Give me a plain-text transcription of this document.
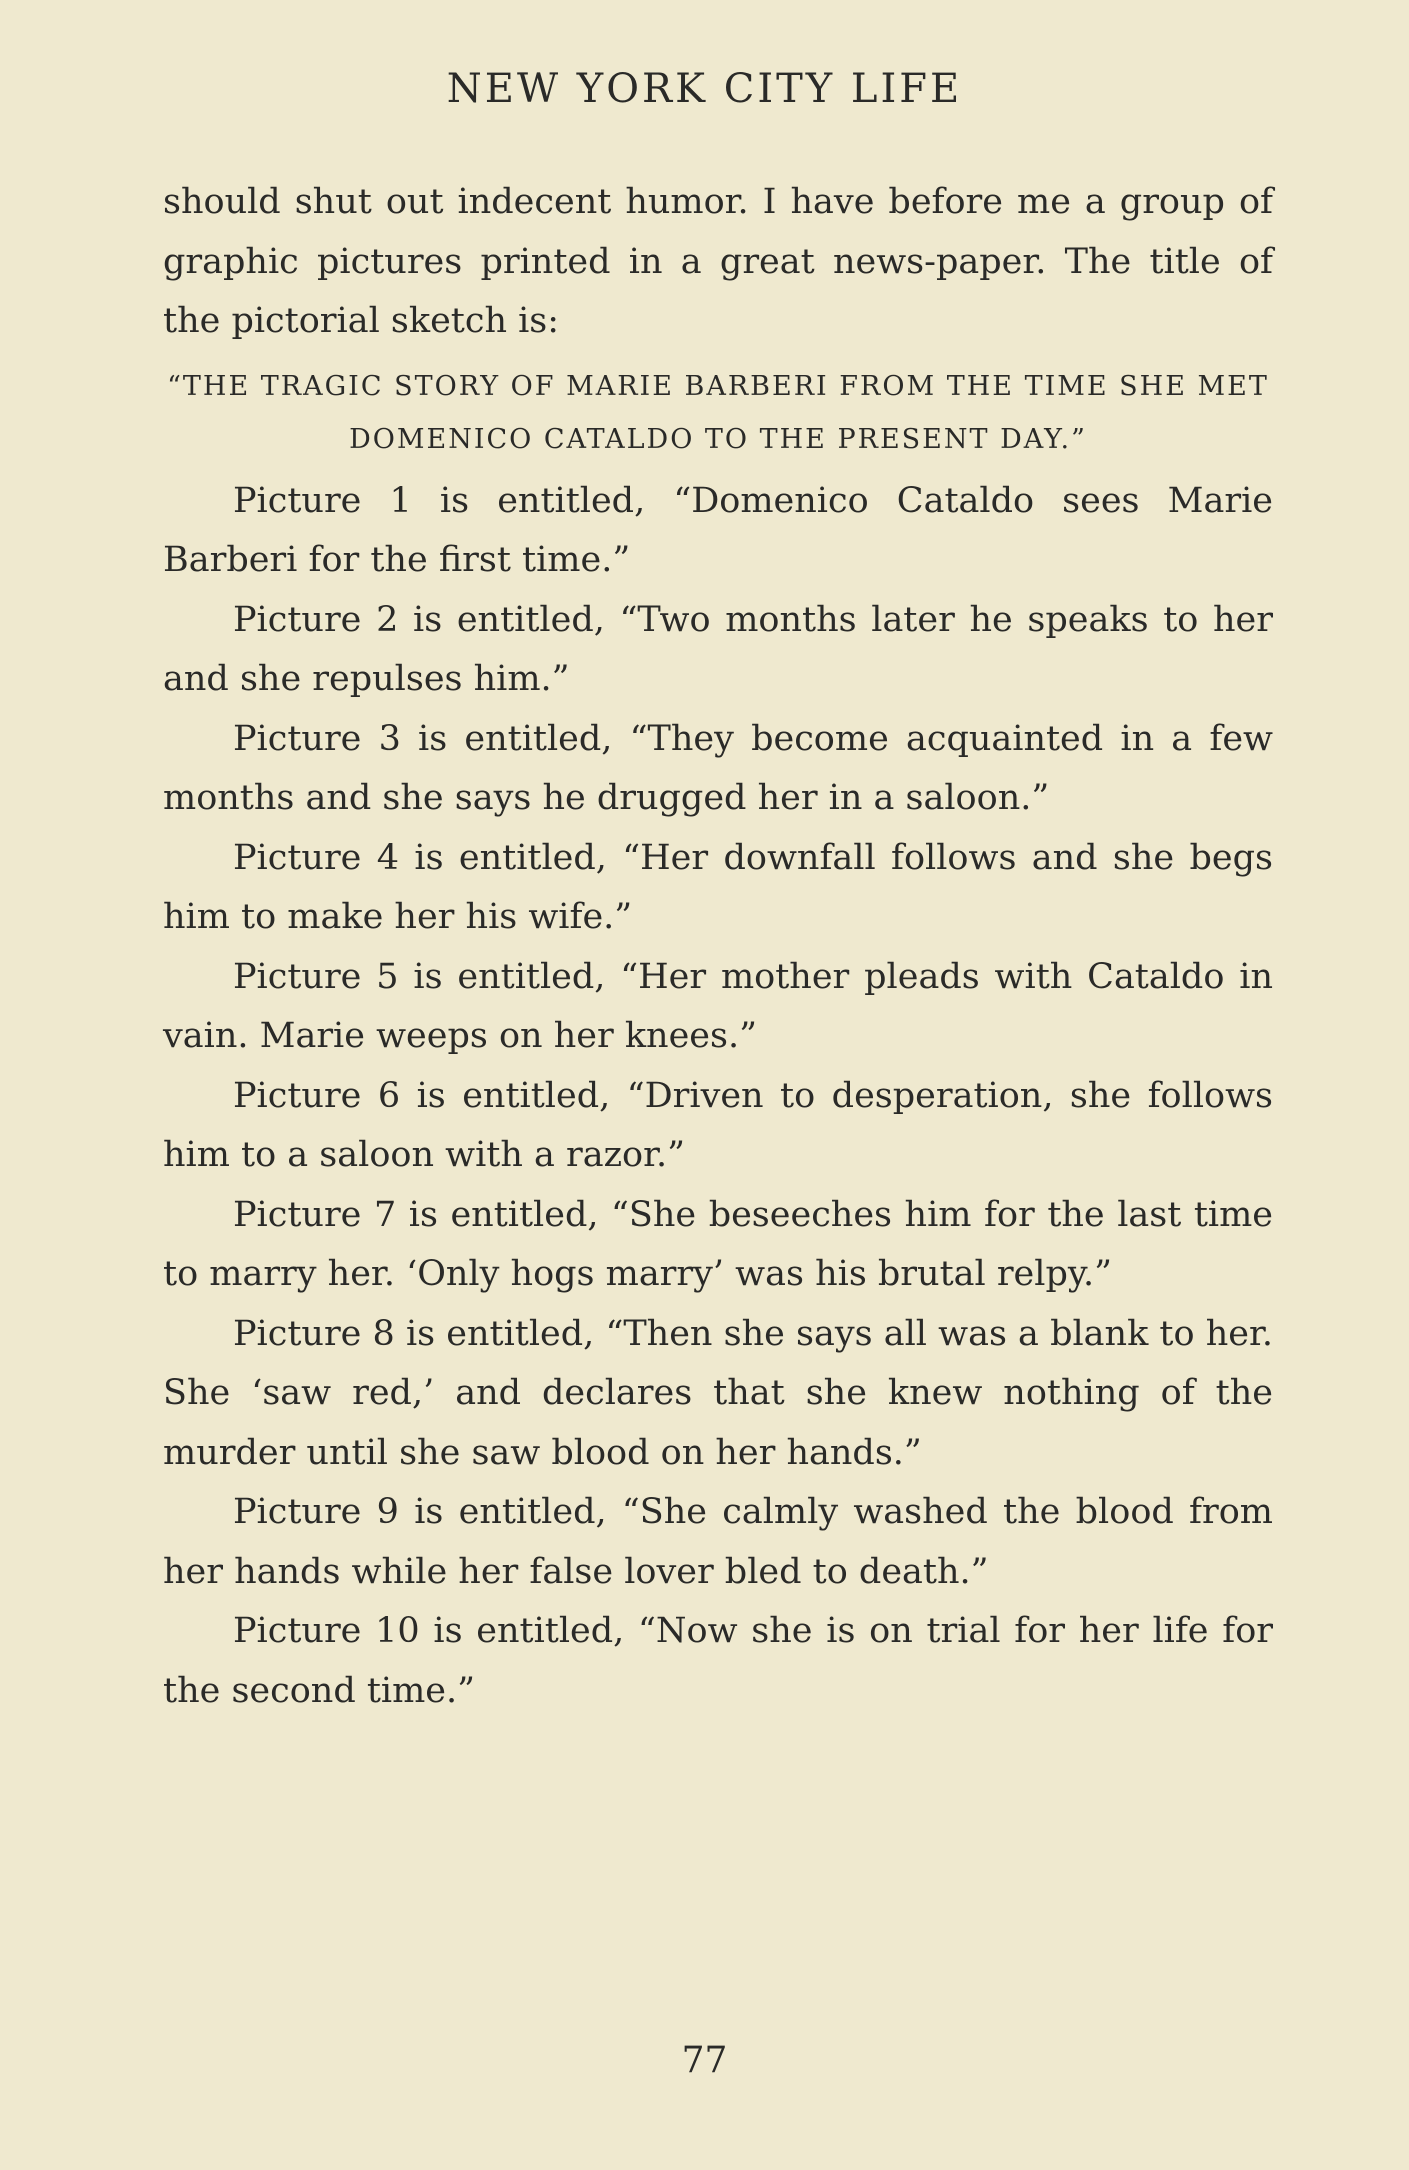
NEW YORK CITY LIFE

should shut out indecent humor. I have before me a group of graphic pictures printed in a great news-paper. The title of the pictorial sketch is:

“THE TRAGIC STORY OF MARIE BARBERI FROM THE TIME SHE MET DOMENICO CATALDO TO THE PRESENT DAY.”

Picture 1 is entitled, “Domenico Cataldo sees Marie Barberi for the first time.”

Picture 2 is entitled, “Two months later he speaks to her and she repulses him.”

Picture 3 is entitled, “They become acquainted in a few months and she says he drugged her in a saloon.”

Picture 4 is entitled, “Her downfall follows and she begs him to make her his wife.”

Picture 5 is entitled, “Her mother pleads with Cataldo in vain. Marie weeps on her knees.”

Picture 6 is entitled, “Driven to desperation, she follows him to a saloon with a razor.”

Picture 7 is entitled, “She beseeches him for the last time to marry her. ‘Only hogs marry’ was his brutal relpy.”

Picture 8 is entitled, “Then she says all was a blank to her. She ‘saw red,’ and declares that she knew nothing of the murder until she saw blood on her hands.”

Picture 9 is entitled, “She calmly washed the blood from her hands while her false lover bled to death.”

Picture 10 is entitled, “Now she is on trial for her life for the second time.”

77
